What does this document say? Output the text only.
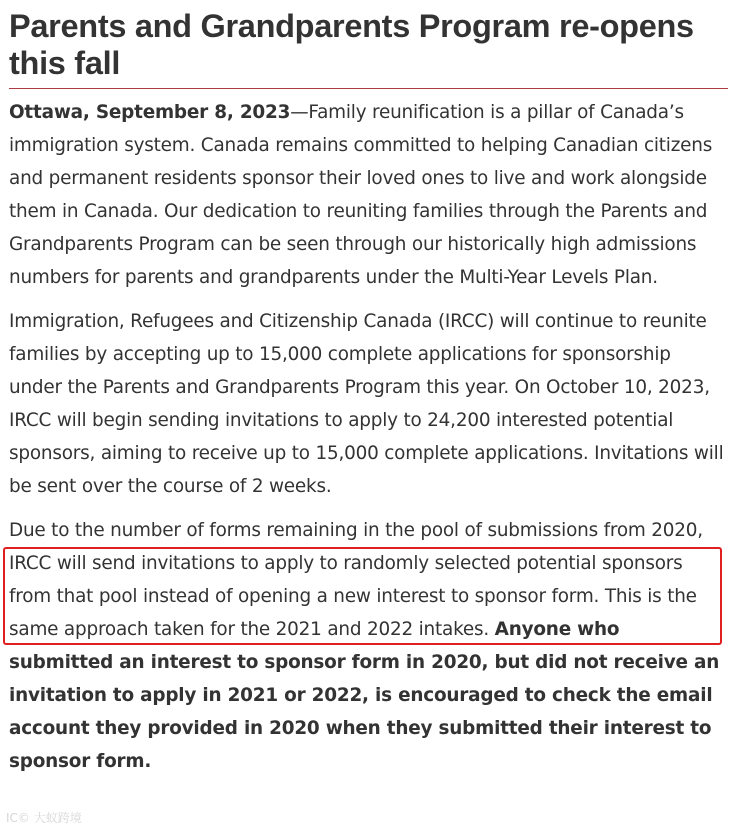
Parents and Grandparents Program re-opens this fall

Ottawa, September 8, 2023—Family reunification is a pillar of Canada’s immigration system. Canada remains committed to helping Canadian citizens and permanent residents sponsor their loved ones to live and work alongside them in Canada. Our dedication to reuniting families through the Parents and Grandparents Program can be seen through our historically high admissions numbers for parents and grandparents under the Multi-Year Levels Plan.

Immigration, Refugees and Citizenship Canada (IRCC) will continue to reunite families by accepting up to 15,000 complete applications for sponsorship under the Parents and Grandparents Program this year. On October 10, 2023, IRCC will begin sending invitations to apply to 24,200 interested potential sponsors, aiming to receive up to 15,000 complete applications. Invitations will be sent over the course of 2 weeks.

Due to the number of forms remaining in the pool of submissions from 2020, IRCC will send invitations to apply to randomly selected potential sponsors from that pool instead of opening a new interest to sponsor form. This is the same approach taken for the 2021 and 2022 intakes. Anyone who submitted an interest to sponsor form in 2020, but did not receive an invitation to apply in 2021 or 2022, is encouraged to check the email account they provided in 2020 when they submitted their interest to sponsor form.

IC© 大蚁跨境
